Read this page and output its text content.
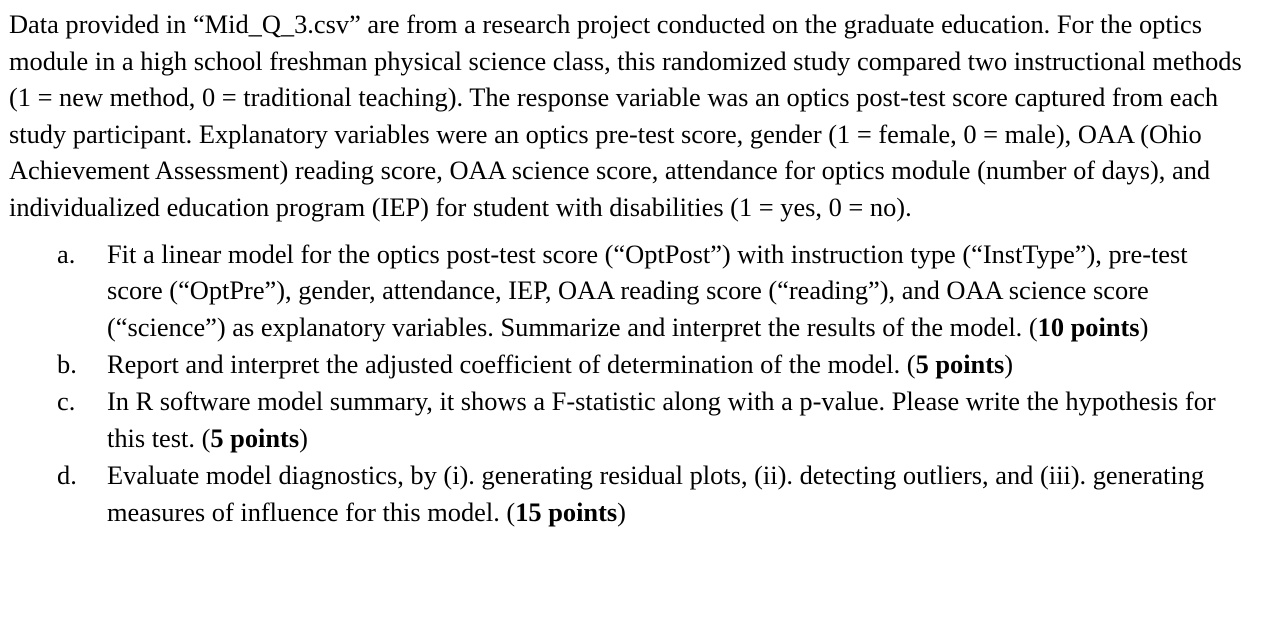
Data provided in “Mid_Q_3.csv” are from a research project conducted on the graduate education. For the optics module in a high school freshman physical science class, this randomized study compared two instructional methods (1 = new method, 0 = traditional teaching). The response variable was an optics post-test score captured from each study participant. Explanatory variables were an optics pre-test score, gender (1 = female, 0 = male), OAA (Ohio Achievement Assessment) reading score, OAA science score, attendance for optics module (number of days), and individualized education program (IEP) for student with disabilities (1 = yes, 0 = no).

a.	Fit a linear model for the optics post-test score (“OptPost”) with instruction type (“InstType”), pre-test score (“OptPre”), gender, attendance, IEP, OAA reading score (“reading”), and OAA science score (“science”) as explanatory variables. Summarize and interpret the results of the model. (10 points)
b.	Report and interpret the adjusted coefficient of determination of the model. (5 points)
c.	In R software model summary, it shows a F-statistic along with a p-value. Please write the hypothesis for this test. (5 points)
d.	Evaluate model diagnostics, by (i). generating residual plots, (ii). detecting outliers, and (iii). generating measures of influence for this model. (15 points)
